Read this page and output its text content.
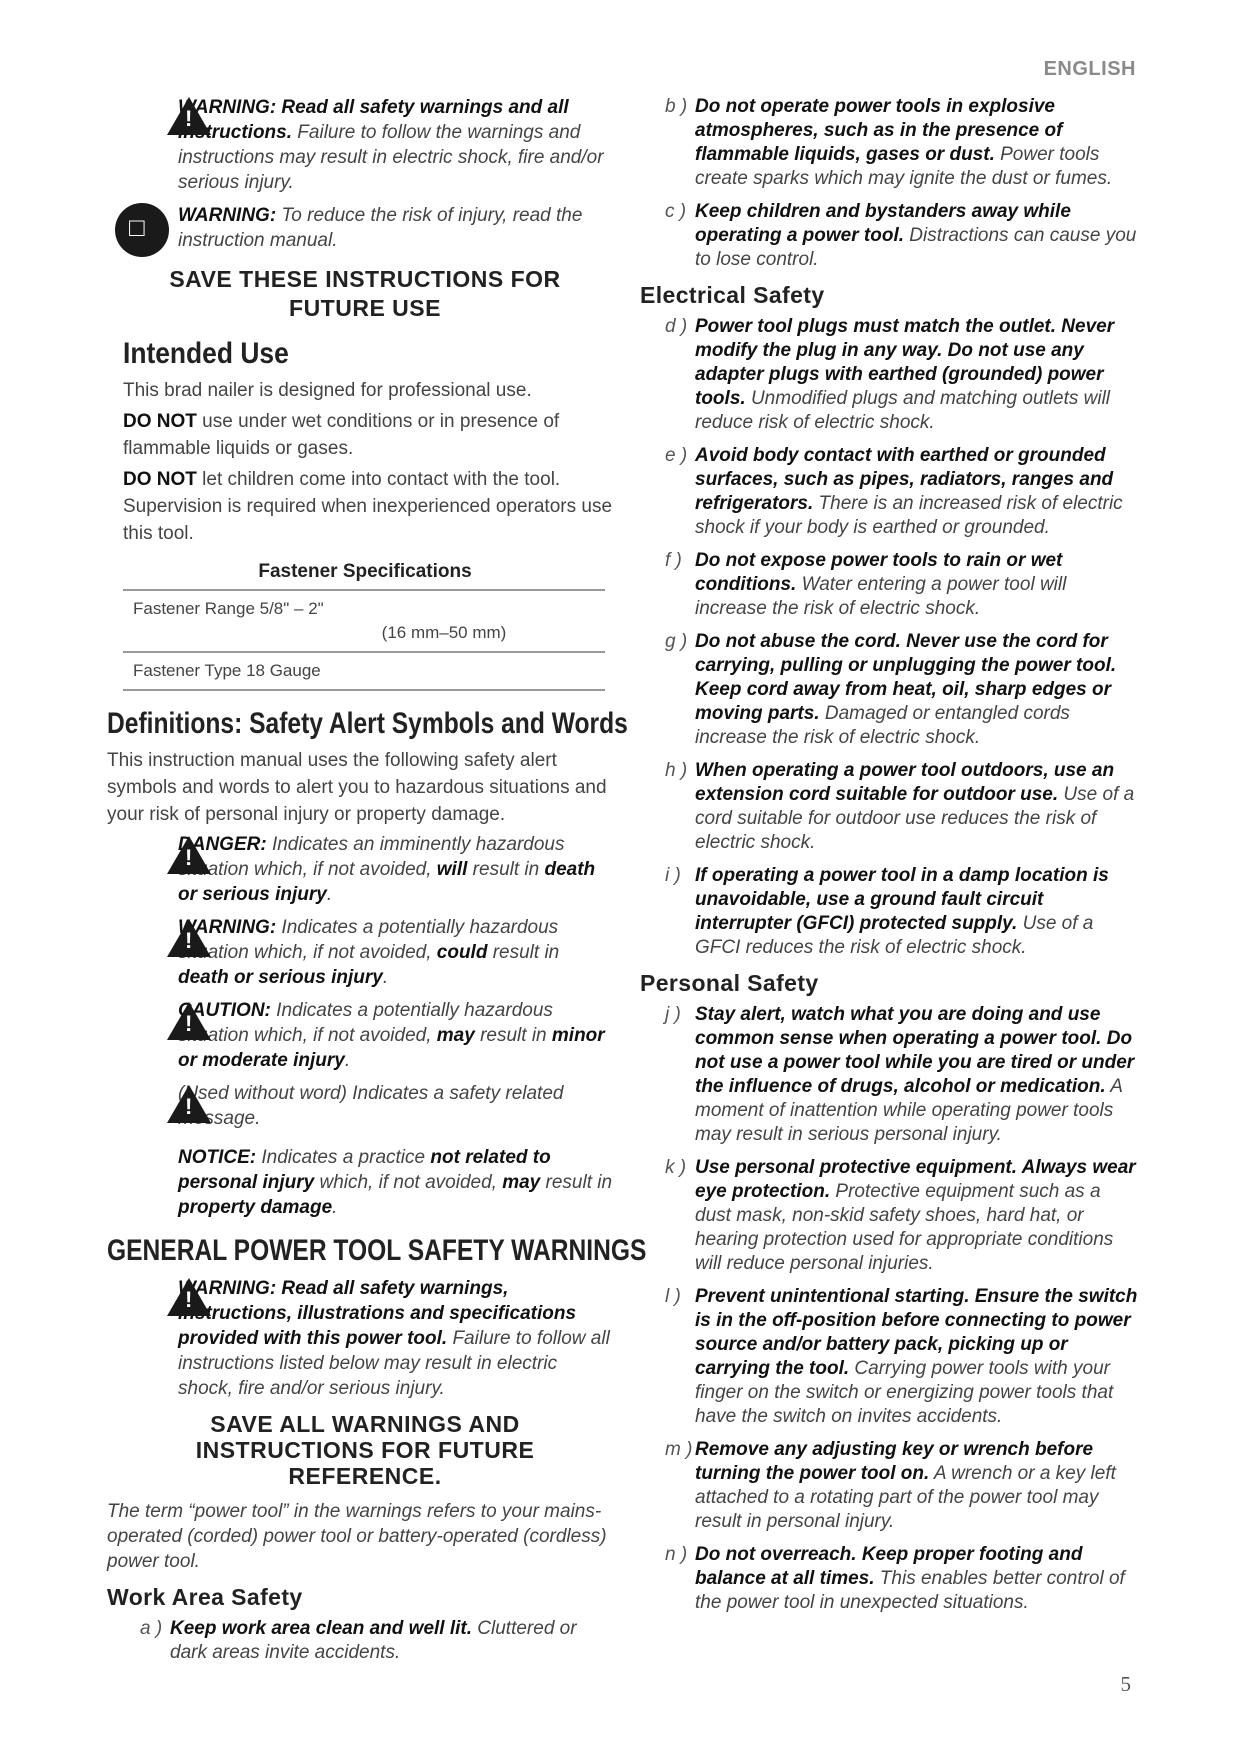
ENGLISH
!
WARNING: Read all safety warnings and all instructions. Failure to follow the warnings and instructions may result in electric shock, fire and/or serious injury.
□
WARNING: To reduce the risk of injury, read the instruction manual.
SAVE THESE INSTRUCTIONS FOR FUTURE USE
Intended Use
This brad nailer is designed for professional use.
DO NOT use under wet conditions or in presence of flammable liquids or gases.
DO NOT let children come into contact with the tool. Supervision is required when inexperienced operators use this tool.
Fastener Specifications
Fastener Range 5/8" – 2"
(16 mm–50 mm)
Fastener Type 18 Gauge
Definitions: Safety Alert Symbols and Words
This instruction manual uses the following safety alert symbols and words to alert you to hazardous situations and your risk of personal injury or property damage.
!
DANGER: Indicates an imminently hazardous situation which, if not avoided, will result in death or serious injury.
!
WARNING: Indicates a potentially hazardous situation which, if not avoided, could result in death or serious injury.
!
CAUTION: Indicates a potentially hazardous situation which, if not avoided, may result in minor or moderate injury.
!
(Used without word) Indicates a safety related message.
NOTICE: Indicates a practice not related to personal injury which, if not avoided, may result in property damage.
GENERAL POWER TOOL SAFETY WARNINGS
!
WARNING: Read all safety warnings, instructions, illustrations and specifications provided with this power tool. Failure to follow all instructions listed below may result in electric shock, fire and/or serious injury.
SAVE ALL WARNINGS AND INSTRUCTIONS FOR FUTURE REFERENCE.
The term “power tool” in the warnings refers to your mains-operated (corded) power tool or battery-operated (cordless) power tool.
Work Area Safety
a ) Keep work area clean and well lit. Cluttered or dark areas invite accidents.
b ) Do not operate power tools in explosive atmospheres, such as in the presence of flammable liquids, gases or dust. Power tools create sparks which may ignite the dust or fumes.
c ) Keep children and bystanders away while operating a power tool. Distractions can cause you to lose control.
Electrical Safety
d ) Power tool plugs must match the outlet. Never modify the plug in any way. Do not use any adapter plugs with earthed (grounded) power tools. Unmodified plugs and matching outlets will reduce risk of electric shock.
e ) Avoid body contact with earthed or grounded surfaces, such as pipes, radiators, ranges and refrigerators. There is an increased risk of electric shock if your body is earthed or grounded.
f ) Do not expose power tools to rain or wet conditions. Water entering a power tool will increase the risk of electric shock.
g ) Do not abuse the cord. Never use the cord for carrying, pulling or unplugging the power tool. Keep cord away from heat, oil, sharp edges or moving parts. Damaged or entangled cords increase the risk of electric shock.
h ) When operating a power tool outdoors, use an extension cord suitable for outdoor use. Use of a cord suitable for outdoor use reduces the risk of electric shock.
i ) If operating a power tool in a damp location is unavoidable, use a ground fault circuit interrupter (GFCI) protected supply. Use of a GFCI reduces the risk of electric shock.
Personal Safety
j ) Stay alert, watch what you are doing and use common sense when operating a power tool. Do not use a power tool while you are tired or under the influence of drugs, alcohol or medication. A moment of inattention while operating power tools may result in serious personal injury.
k ) Use personal protective equipment. Always wear eye protection. Protective equipment such as a dust mask, non-skid safety shoes, hard hat, or hearing protection used for appropriate conditions will reduce personal injuries.
l ) Prevent unintentional starting. Ensure the switch is in the off-position before connecting to power source and/or battery pack, picking up or carrying the tool. Carrying power tools with your finger on the switch or energizing power tools that have the switch on invites accidents.
m ) Remove any adjusting key or wrench before turning the power tool on. A wrench or a key left attached to a rotating part of the power tool may result in personal injury.
n ) Do not overreach. Keep proper footing and balance at all times. This enables better control of the power tool in unexpected situations.
5
